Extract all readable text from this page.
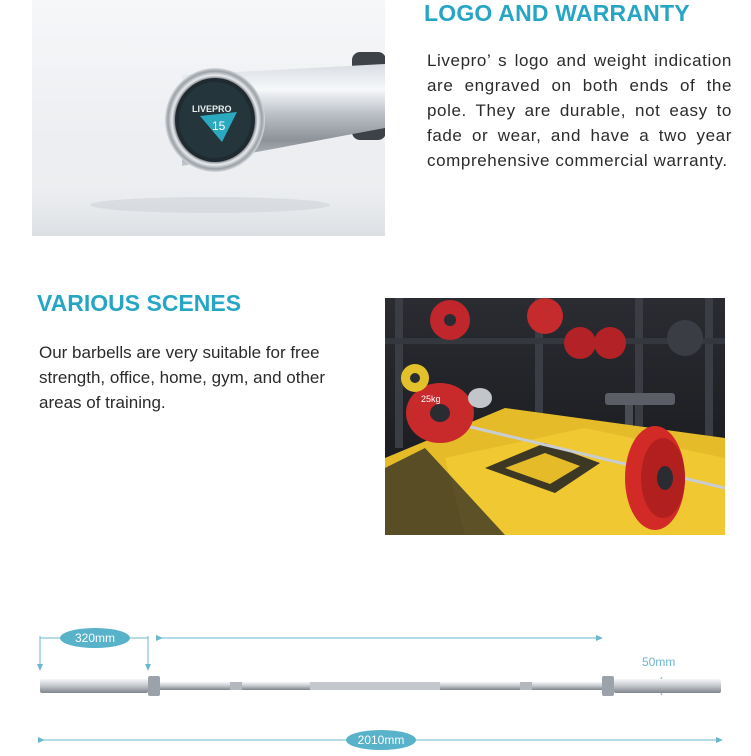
LIVEPRO
15
LOGO AND WARRANTY
Livepro’ s logo and weight indication are engraved on both ends of the pole. They are durable, not easy to fade or wear, and have a two year comprehensive commercial warranty.
VARIOUS SCENES
Our barbells are very suitable for free strength, office, home, gym, and other areas of training.	25kg
320mm
50mm
2010mm
